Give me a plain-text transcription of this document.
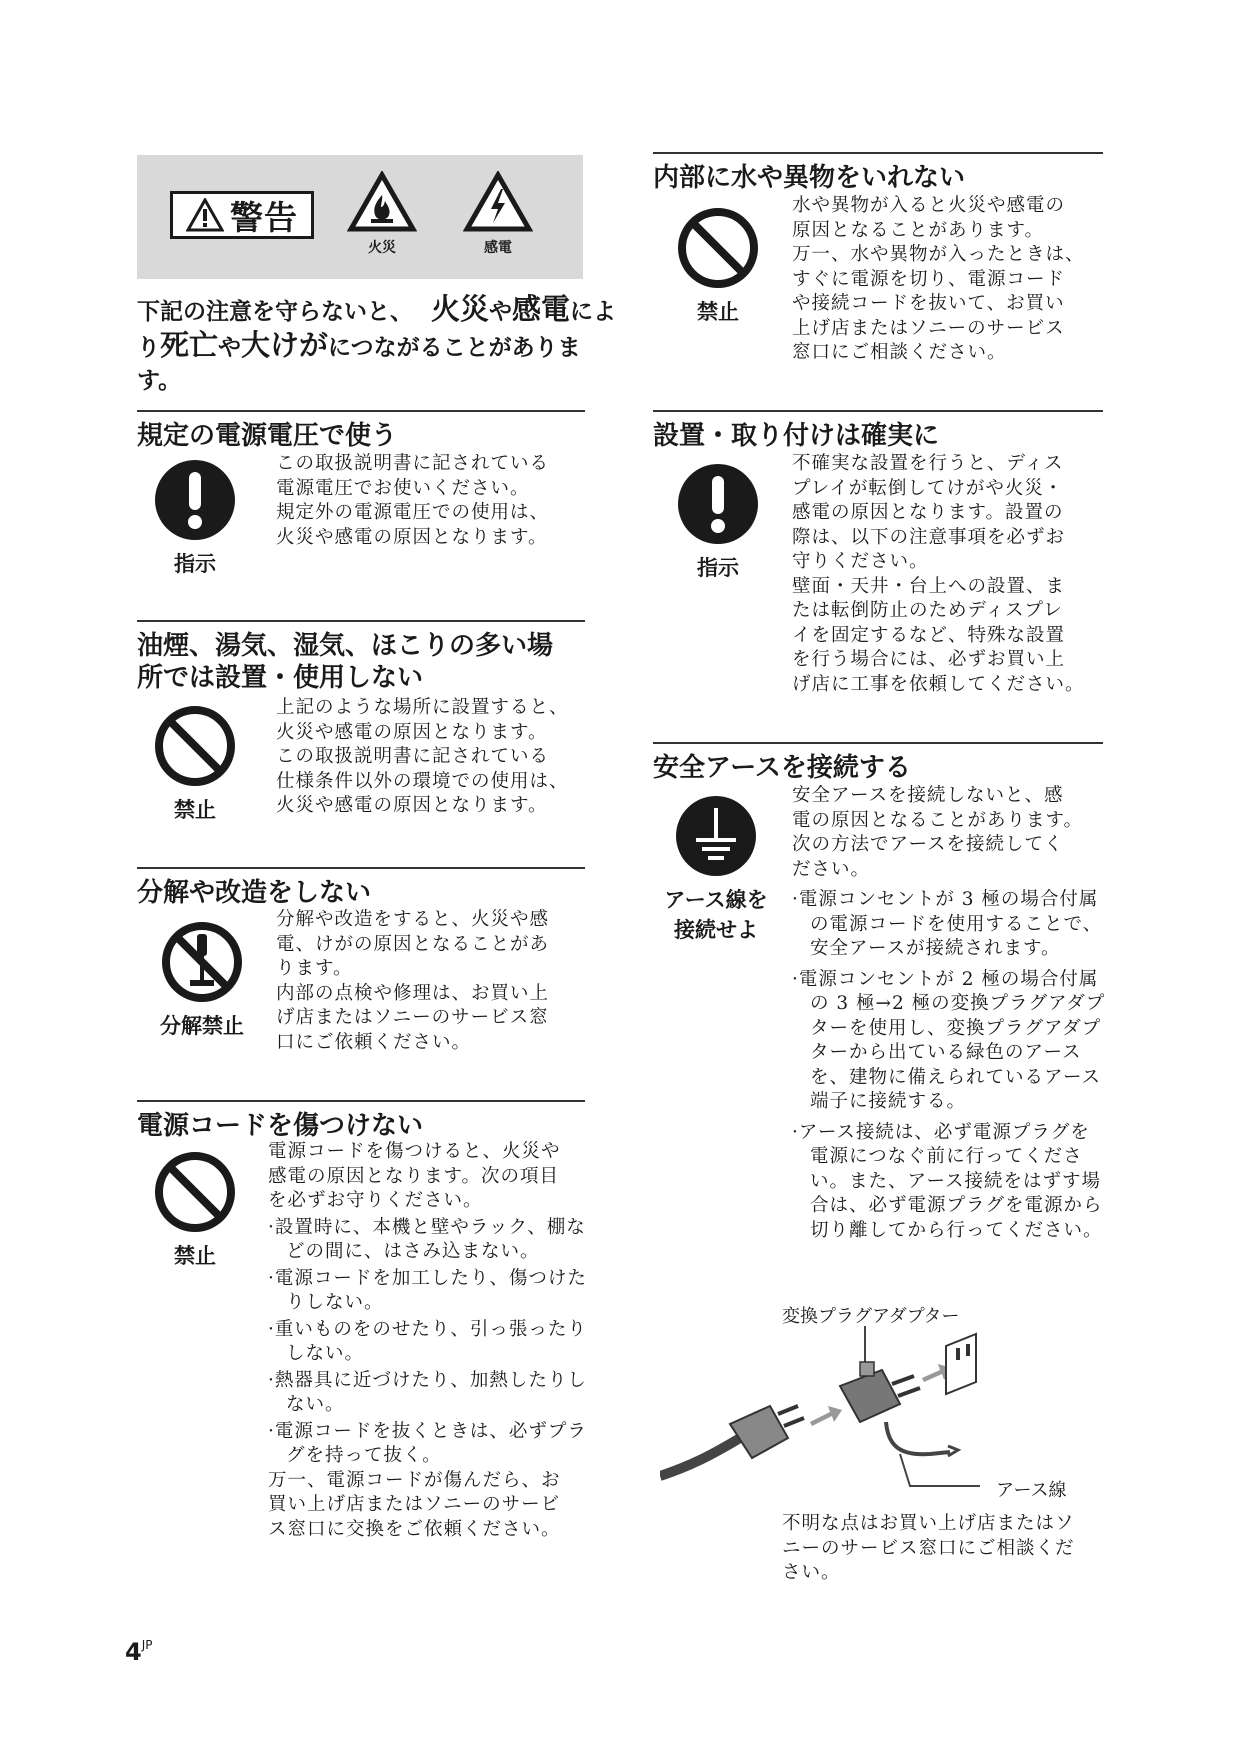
警告
火災	感電
下記の注意を守らないと、 火災や感電により死亡や大けがにつながることがあります。
規定の電源電圧で使う
指示
この取扱説明書に記されている
電源電圧でお使いください。
規定外の電源電圧での使用は、
火災や感電の原因となります。
油煙、湯気、湿気、ほこりの多い場
所では設置・使用しない
禁止
上記のような場所に設置すると、
火災や感電の原因となります。
この取扱説明書に記されている
仕様条件以外の環境での使用は、
火災や感電の原因となります。
分解や改造をしない
分解禁止
分解や改造をすると、火災や感
電、けがの原因となることがあ
ります。
内部の点検や修理は、お買い上
げ店またはソニーのサービス窓
口にご依頼ください。
電源コードを傷つけない
禁止
電源コードを傷つけると、火災や
感電の原因となります。次の項目
を必ずお守りください。
·設置時に、本機と壁やラック、棚などの間に、はさみ込まない。
·電源コードを加工したり、傷つけたりしない。
·重いものをのせたり、引っ張ったりしない。
·熱器具に近づけたり、加熱したりしない。
·電源コードを抜くときは、必ずプラグを持って抜く。
万一、電源コードが傷んだら、お
買い上げ店またはソニーのサービ
ス窓口に交換をご依頼ください。
内部に水や異物をいれない
禁止
水や異物が入ると火災や感電の
原因となることがあります。
万一、水や異物が入ったときは、
すぐに電源を切り、電源コード
や接続コードを抜いて、お買い
上げ店またはソニーのサービス
窓口にご相談ください。
設置・取り付けは確実に
指示
不確実な設置を行うと、ディス
プレイが転倒してけがや火災・
感電の原因となります。設置の
際は、以下の注意事項を必ずお
守りください。
壁面・天井・台上への設置、ま
たは転倒防止のためディスプレ
イを固定するなど、特殊な設置
を行う場合には、必ずお買い上
げ店に工事を依頼してください。
安全アースを接続する
アース線を
接続せよ
安全アースを接続しないと、感
電の原因となることがあります。
次の方法でアースを接続してく
ださい。
·電源コンセントが 3 極の場合付属の電源コードを使用することで、安全アースが接続されます。
·電源コンセントが 2 極の場合付属の 3 極→2 極の変換プラグアダプターを使用し、変換プラグアダプターから出ている緑色のアースを、建物に備えられているアース端子に接続する。
·アース接続は、必ず電源プラグを電源につなぐ前に行ってください。また、アース接続をはずす場合は、必ず電源プラグを電源から切り離してから行ってください。
変換プラグアダプター
アース線
不明な点はお買い上げ店またはソ
ニーのサービス窓口にご相談くだ
さい。
$4^{JP}$
